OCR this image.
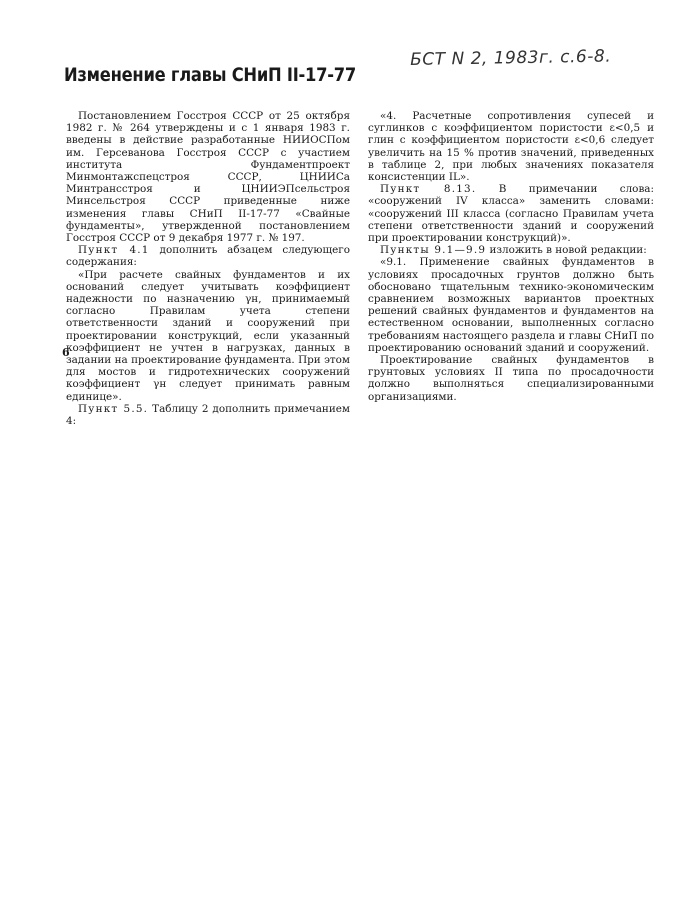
Изменение главы СНиП II-17-77
БСТ N 2, 1983г. с.6-8.

Постановлением Госстроя СССР от 25 октября 1982 г. № 264 утверждены и с 1 января 1983 г. введены в действие разработанные НИИОСПом им. Герсеванова Госстроя СССР с участием института Фундаментпроект Минмонтажспецстроя СССР, ЦНИИСа Минтрансстроя и ЦНИИЭПсельстроя Минсельстроя СССР приведенные ниже изменения главы СНиП II-17-77 «Свайные фундаменты», утвержденной постановлением Госстроя СССР от 9 декабря 1977 г. № 197.

Пункт 4.1 дополнить абзацем следующего содержания:

«При расчете свайных фундаментов и их оснований следует учитывать коэффициент надежности по назначению γн, принимаемый согласно Правилам учета степени ответственности зданий и сооружений при проектировании конструкций, если указанный коэффициент не учтен в нагрузках, данных в задании на проектирование фундамента. При этом для мостов и гидротехнических сооружений коэффициент γн следует принимать равным единице».

Пункт 5.5. Таблицу 2 дополнить примечанием 4:

«4. Расчетные сопротивления супесей и суглинков с коэффициентом пористости ε<0,5 и глин с коэффициентом пористости ε<0,6 следует увеличить на 15 % против значений, приведенных в таблице 2, при любых значениях показателя консистенции IL».

Пункт 8.13. В примечании слова: «сооружений IV класса» заменить словами: «сооружений III класса (согласно Правилам учета степени ответственности зданий и сооружений при проектировании конструкций)».

Пункты 9.1—9.9 изложить в новой редакции:

«9.1. Применение свайных фундаментов в условиях просадочных грунтов должно быть обосновано тщательным технико-экономическим сравнением возможных вариантов проектных решений свайных фундаментов и фундаментов на естественном основании, выполненных согласно требованиям настоящего раздела и главы СНиП по проектированию оснований зданий и сооружений.

Проектирование свайных фундаментов в грунтовых условиях II типа по просадочности должно выполняться специализированными организациями.

6
